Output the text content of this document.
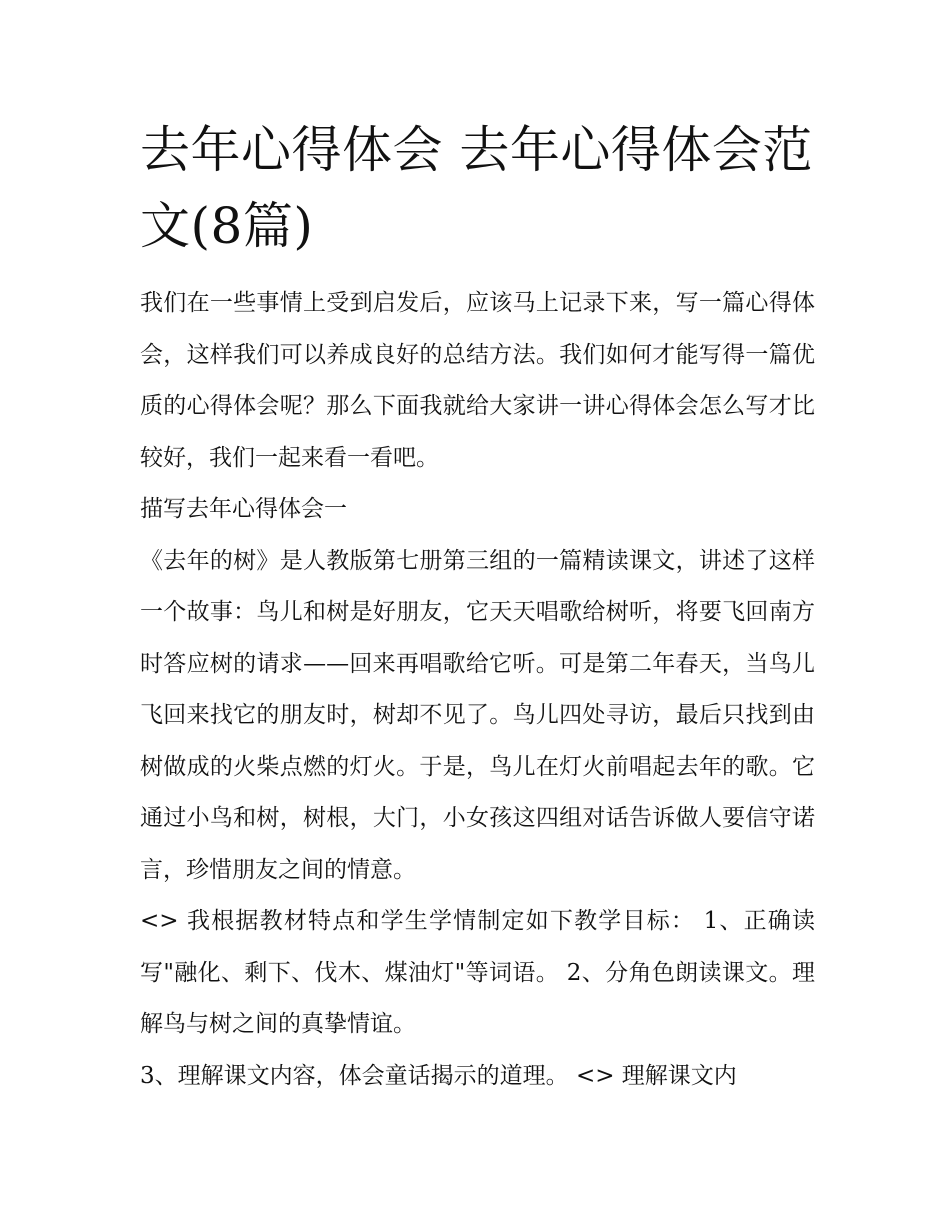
去年心得体会 去年心得体会范文(8篇)

我们在一些事情上受到启发后，应该马上记录下来，写一篇心得体会，这样我们可以养成良好的总结方法。我们如何才能写得一篇优质的心得体会呢？那么下面我就给大家讲一讲心得体会怎么写才比较好，我们一起来看一看吧。

描写去年心得体会一

《去年的树》是人教版第七册第三组的一篇精读课文，讲述了这样一个故事：鸟儿和树是好朋友，它天天唱歌给树听，将要飞回南方时答应树的请求——回来再唱歌给它听。可是第二年春天，当鸟儿飞回来找它的朋友时，树却不见了。鸟儿四处寻访，最后只找到由树做成的火柴点燃的灯火。于是，鸟儿在灯火前唱起去年的歌。它通过小鸟和树，树根，大门，小女孩这四组对话告诉做人要信守诺言，珍惜朋友之间的情意。

<> 我根据教材特点和学生学情制定如下教学目标： 1、正确读写"融化、剩下、伐木、煤油灯"等词语。 2、分角色朗读课文。理解鸟与树之间的真挚情谊。

3、理解课文内容，体会童话揭示的道理。 <> 理解课文内
